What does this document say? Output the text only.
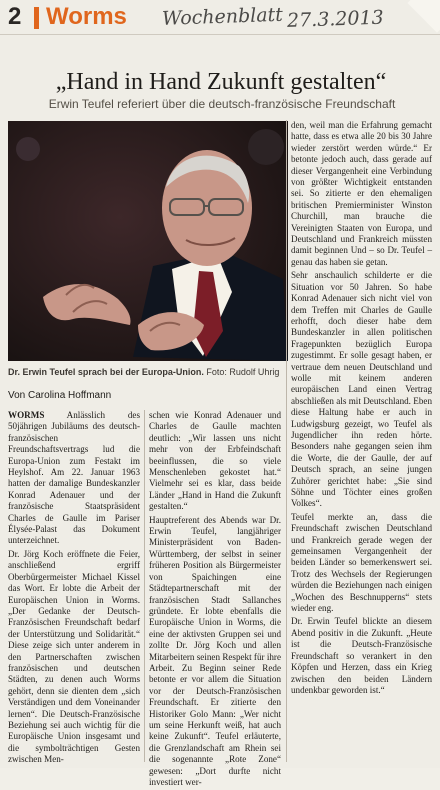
2 Worms Wochenblatt 27.3.2013
„Hand in Hand Zukunft gestalten“
Erwin Teufel referiert über die deutsch-französische Freundschaft
Dr. Erwin Teufel sprach bei der Europa-Union. Foto: Rudolf Uhrig
Von Carolina Hoffmann

WORMS Anlässlich des 50jährigen Jubiläums des deutsch-französischen Freundschaftsvertrags lud die Europa-Union zum Festakt im Heylshof. Am 22. Januar 1963 hatten der damalige Bundeskanzler Konrad Adenauer und der französische Staatspräsident Charles de Gaulle im Pariser Élysée-Palast das Dokument unterzeichnet.

Dr. Jörg Koch eröffnete die Feier, anschließend ergriff Oberbürgermeister Michael Kissel das Wort. Er lobte die Arbeit der Europäischen Union in Worms. „Der Gedanke der Deutsch-Französischen Freundschaft bedarf der Unterstützung und Solidarität.“ Diese zeige sich unter anderem in den Partnerschaften zwischen französischen und deutschen Städten, zu denen auch Worms gehört, denn sie dienten dem „sich Verständigen und dem Voneinander lernen“. Die Deutsch-Französische Beziehung sei auch wichtig für die Europäische Union insgesamt und die symbolträchtigen Gesten zwischen Men-

schen wie Konrad Adenauer und Charles de Gaulle machten deutlich: „Wir lassen uns nicht mehr von der Erbfeindschaft beeinflussen, die so viele Menschenleben gekostet hat.“ Vielmehr sei es klar, dass beide Länder „Hand in Hand die Zukunft gestalten.“

Hauptreferent des Abends war Dr. Erwin Teufel, langjähriger Ministerpräsident von Baden-Württemberg, der selbst in seiner früheren Position als Bürgermeister von Spaichingen eine Städtepartnerschaft mit der französischen Stadt Sallanches gründete. Er lobte ebenfalls die Europäische Union in Worms, die eine der aktivsten Gruppen sei und zollte Dr. Jörg Koch und allen Mitarbeitern seinen Respekt für ihre Arbeit. Zu Beginn seiner Rede betonte er vor allem die Situation vor der Deutsch-Französischen Freundschaft. Er zitierte den Historiker Golo Mann: „Wer nicht um seine Herkunft weiß, hat auch keine Zukunft“. Teufel erläuterte, die Grenzlandschaft am Rhein sei die sogenannte „Rote Zone“ gewesen: „Dort durfte nicht investiert wer-

den, weil man die Erfahrung gemacht hatte, dass es etwa alle 20 bis 30 Jahre wieder zerstört werden würde.“ Er betonte jedoch auch, dass gerade auf dieser Vergangenheit eine Verbindung von größter Wichtigkeit entstanden sei. So zitierte er den ehemaligen britischen Premierminister Winston Churchill, man brauche die Vereinigten Staaten von Europa, und Deutschland und Frankreich müssten damit beginnen Und – so Dr. Teufel – genau das haben sie getan.

Sehr anschaulich schilderte er die Situation vor 50 Jahren. So habe Konrad Adenauer sich nicht viel von dem Treffen mit Charles de Gaulle erhofft, doch dieser habe dem Bundeskanzler in allen politischen Fragepunkten bezüglich Europa zugestimmt. Er solle gesagt haben, er vertraue dem neuen Deutschland und wolle mit keinem anderen europäischen Land einen Vertrag abschließen als mit Deutschland. Eben diese Haltung habe er auch in Ludwigsburg gezeigt, wo Teufel als Jugendlicher ihn reden hörte. Besonders nahe gegangen seien ihm die Worte, die der Gaulle, der auf Deutsch sprach, an seine jungen Zuhörer gerichtet habe: „Sie sind Söhne und Töchter eines großen Volkes“.

Teufel merkte an, dass die Freundschaft zwischen Deutschland und Frankreich gerade wegen der gemeinsamen Vergangenheit der beiden Länder so bemerkenswert sei. Trotz des Wechsels der Regierungen würden die Beziehungen nach einigen „Wochen des Beschnupperns“ stets wieder eng.

Dr. Erwin Teufel blickte an diesem Abend positiv in die Zukunft. „Heute ist die Deutsch-Französische Freundschaft so verankert in den Köpfen und Herzen, dass ein Krieg zwischen den beiden Ländern undenkbar geworden ist.“
